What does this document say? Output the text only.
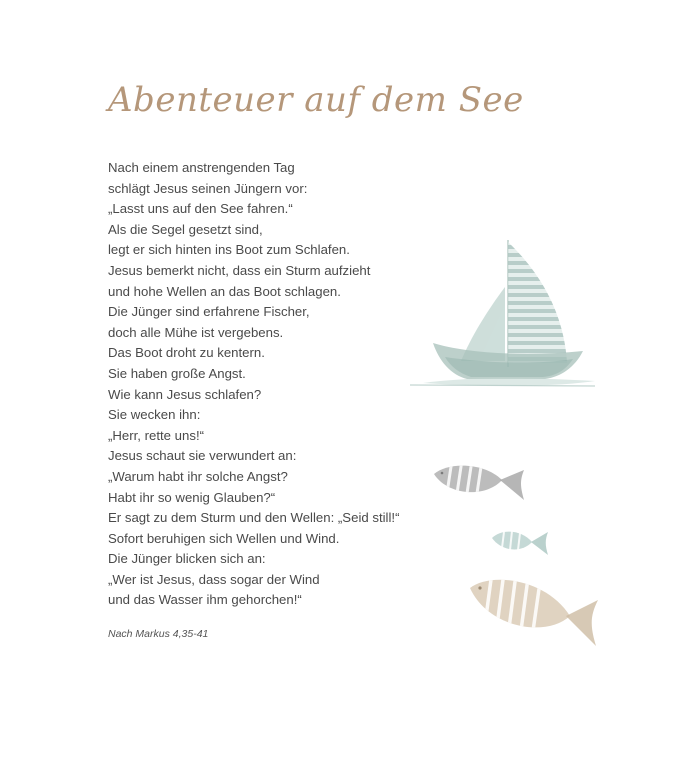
Abenteuer auf dem See
Nach einem anstrengenden Tag
schlägt Jesus seinen Jüngern vor:
„Lasst uns auf den See fahren.“
Als die Segel gesetzt sind,
legt er sich hinten ins Boot zum Schlafen.
Jesus bemerkt nicht, dass ein Sturm aufzieht
und hohe Wellen an das Boot schlagen.
Die Jünger sind erfahrene Fischer,
doch alle Mühe ist vergebens.
Das Boot droht zu kentern.
Sie haben große Angst.
Wie kann Jesus schlafen?
Sie wecken ihn:
„Herr, rette uns!“
Jesus schaut sie verwundert an:
„Warum habt ihr solche Angst?
Habt ihr so wenig Glauben?“
Er sagt zu dem Sturm und den Wellen: „Seid still!“
Sofort beruhigen sich Wellen und Wind.
Die Jünger blicken sich an:
„Wer ist Jesus, dass sogar der Wind
und das Wasser ihm gehorchen!“
Nach Markus 4,35-41
